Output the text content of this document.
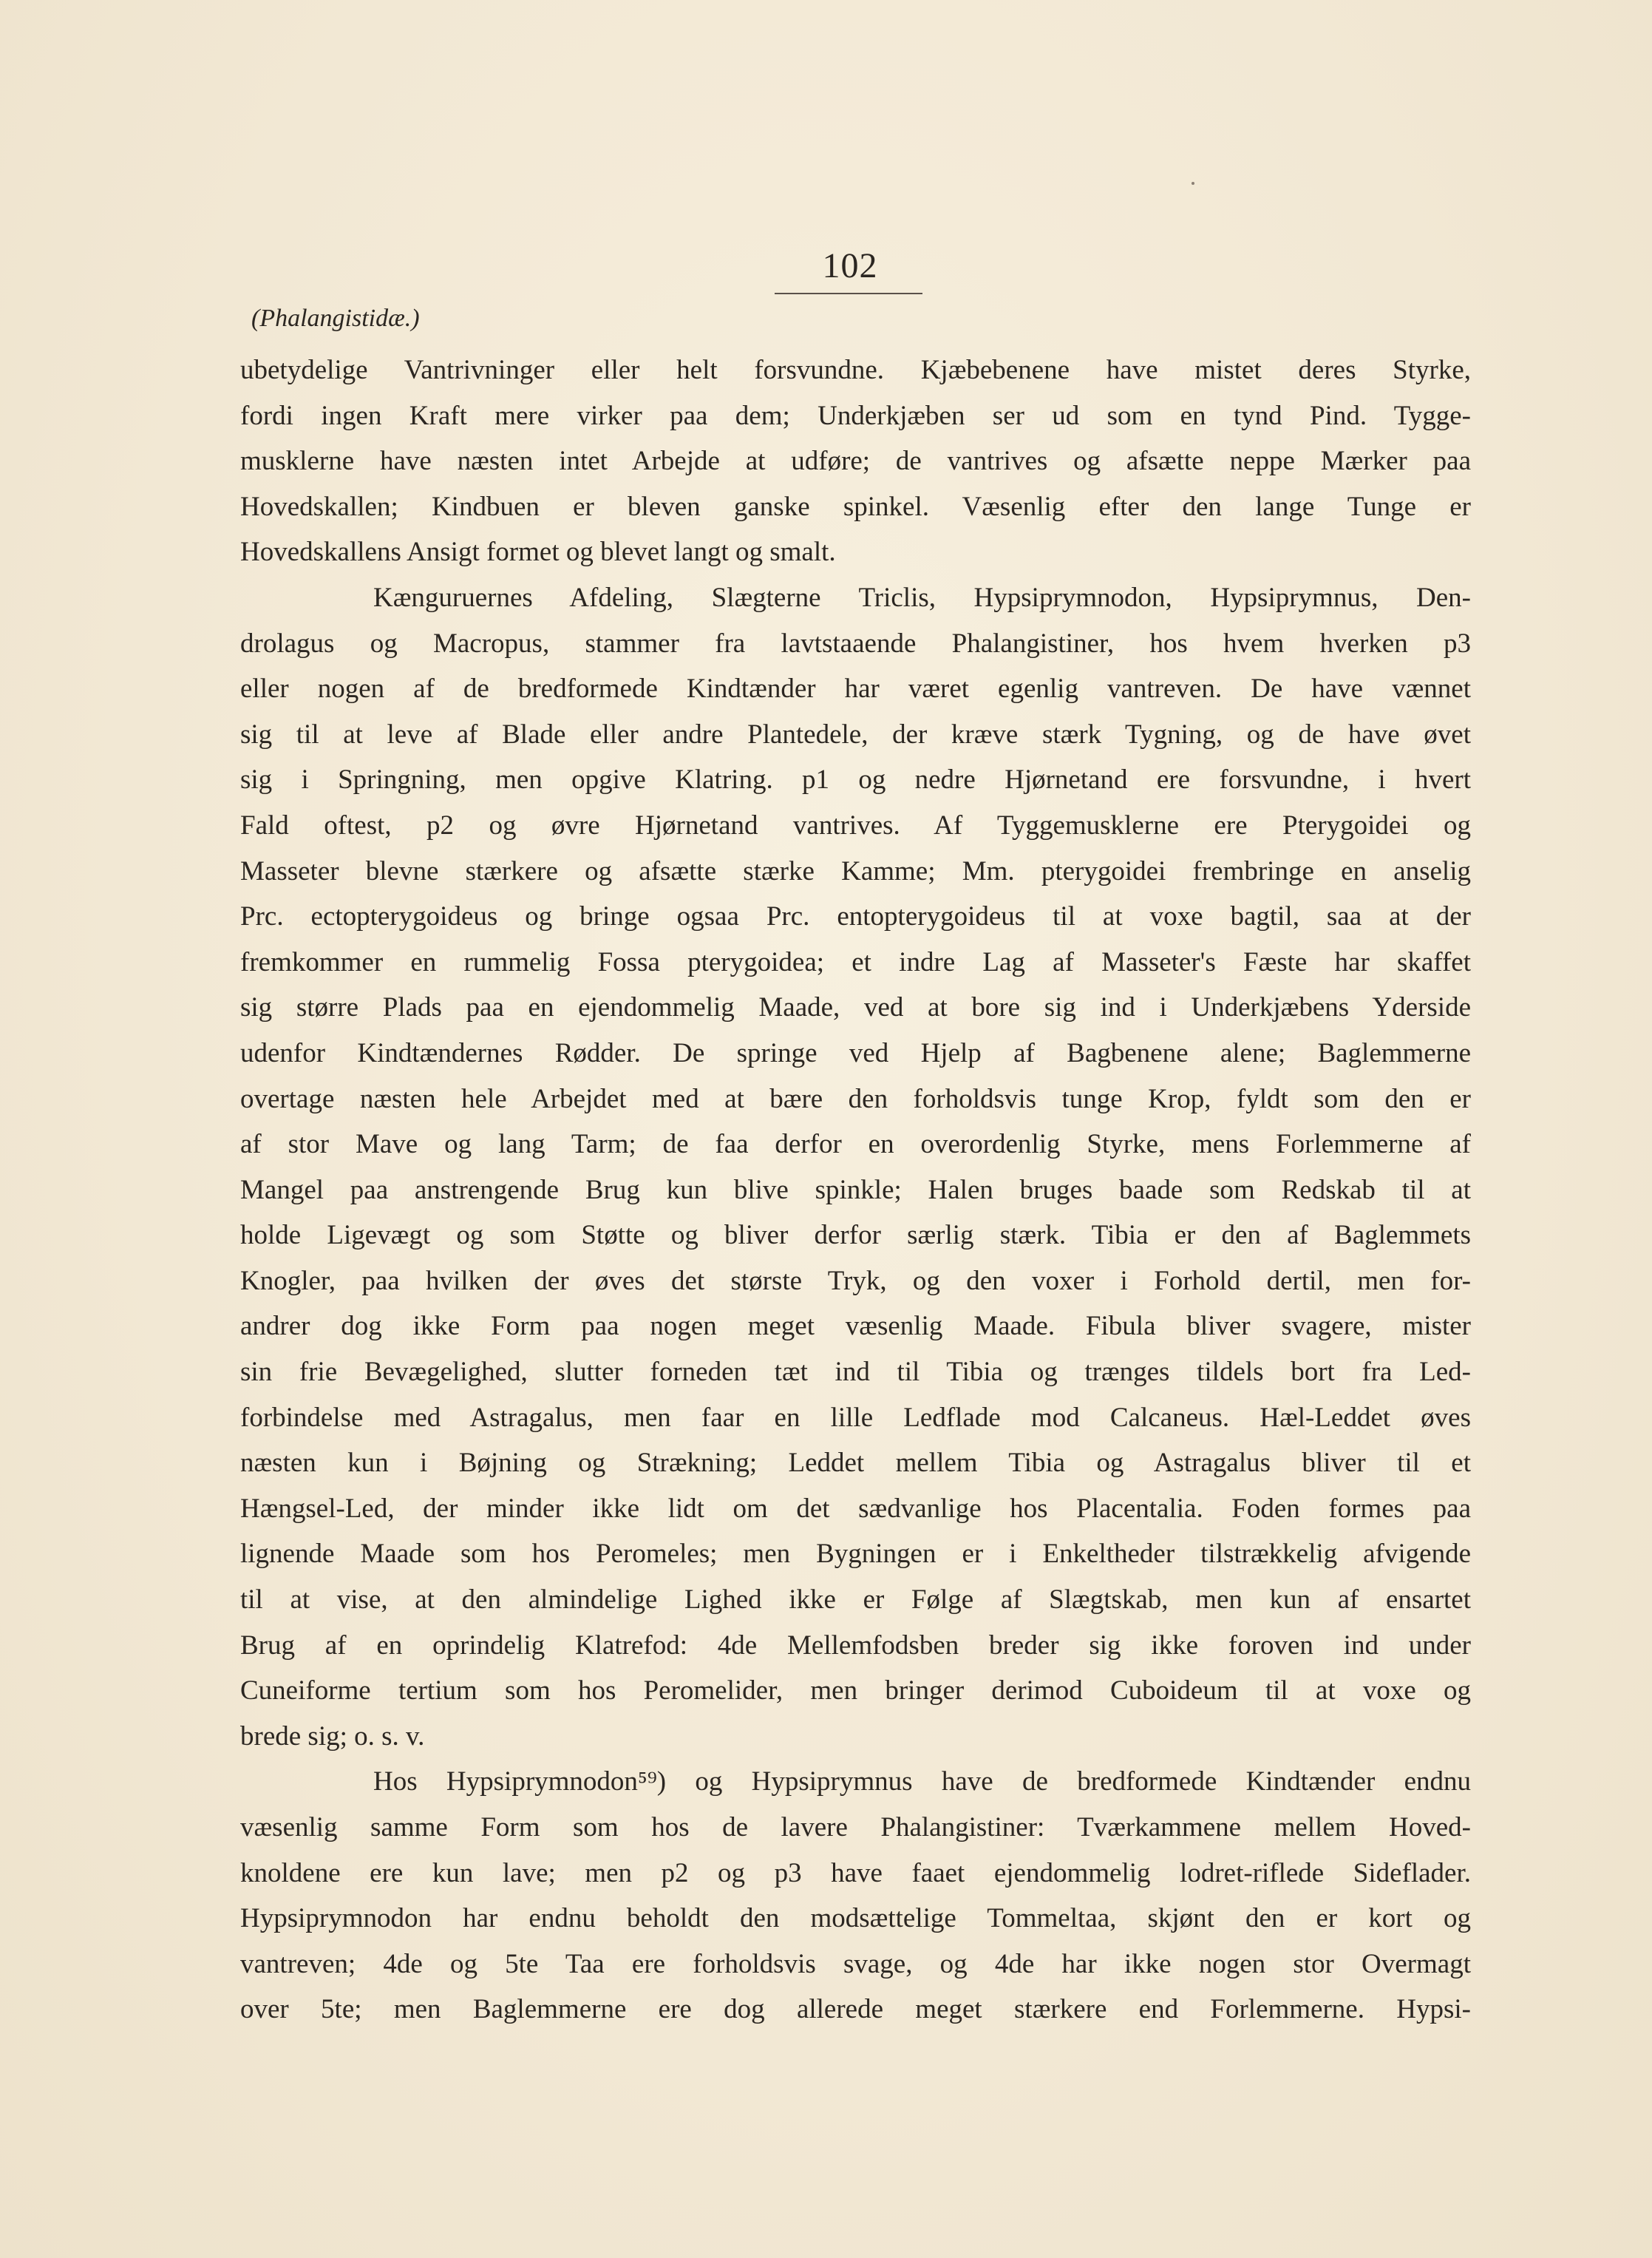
102
(Phalangistidæ.)
ubetydelige Vantrivninger eller helt forsvundne. Kjæbebenene have mistet deres Styrke,
fordi ingen Kraft mere virker paa dem; Underkjæben ser ud som en tynd Pind. Tygge-
musklerne have næsten intet Arbejde at udføre; de vantrives og afsætte neppe Mærker paa
Hovedskallen; Kindbuen er bleven ganske spinkel. Væsenlig efter den lange Tunge er
Hovedskallens Ansigt formet og blevet langt og smalt.
Kænguruernes Afdeling, Slægterne Triclis, Hypsiprymnodon, Hypsiprymnus, Den-
drolagus og Macropus, stammer fra lavtstaaende Phalangistiner, hos hvem hverken p3
eller nogen af de bredformede Kindtænder har været egenlig vantreven. De have vænnet
sig til at leve af Blade eller andre Plantedele, der kræve stærk Tygning, og de have øvet
sig i Springning, men opgive Klatring. p1 og nedre Hjørnetand ere forsvundne, i hvert
Fald oftest, p2 og øvre Hjørnetand vantrives. Af Tyggemusklerne ere Pterygoidei og
Masseter blevne stærkere og afsætte stærke Kamme; Mm. pterygoidei frembringe en anselig
Prc. ectopterygoideus og bringe ogsaa Prc. entopterygoideus til at voxe bagtil, saa at der
fremkommer en rummelig Fossa pterygoidea; et indre Lag af Masseter's Fæste har skaffet
sig større Plads paa en ejendommelig Maade, ved at bore sig ind i Underkjæbens Yderside
udenfor Kindtændernes Rødder. De springe ved Hjelp af Bagbenene alene; Baglemmerne
overtage næsten hele Arbejdet med at bære den forholdsvis tunge Krop, fyldt som den er
af stor Mave og lang Tarm; de faa derfor en overordenlig Styrke, mens Forlemmerne af
Mangel paa anstrengende Brug kun blive spinkle; Halen bruges baade som Redskab til at
holde Ligevægt og som Støtte og bliver derfor særlig stærk. Tibia er den af Baglemmets
Knogler, paa hvilken der øves det største Tryk, og den voxer i Forhold dertil, men for-
andrer dog ikke Form paa nogen meget væsenlig Maade. Fibula bliver svagere, mister
sin frie Bevægelighed, slutter forneden tæt ind til Tibia og trænges tildels bort fra Led-
forbindelse med Astragalus, men faar en lille Ledflade mod Calcaneus. Hæl-Leddet øves
næsten kun i Bøjning og Strækning; Leddet mellem Tibia og Astragalus bliver til et
Hængsel-Led, der minder ikke lidt om det sædvanlige hos Placentalia. Foden formes paa
lignende Maade som hos Peromeles; men Bygningen er i Enkeltheder tilstrækkelig afvigende
til at vise, at den almindelige Lighed ikke er Følge af Slægtskab, men kun af ensartet
Brug af en oprindelig Klatrefod: 4de Mellemfodsben breder sig ikke foroven ind under
Cuneiforme tertium som hos Peromelider, men bringer derimod Cuboideum til at voxe og
brede sig; o. s. v.
Hos Hypsiprymnodon⁵⁹) og Hypsiprymnus have de bredformede Kindtænder endnu
væsenlig samme Form som hos de lavere Phalangistiner: Tværkammene mellem Hoved-
knoldene ere kun lave; men p2 og p3 have faaet ejendommelig lodret-riflede Sideflader.
Hypsiprymnodon har endnu beholdt den modsættelige Tommeltaa, skjønt den er kort og
vantreven; 4de og 5te Taa ere forholdsvis svage, og 4de har ikke nogen stor Overmagt
over 5te; men Baglemmerne ere dog allerede meget stærkere end Forlemmerne. Hypsi-
